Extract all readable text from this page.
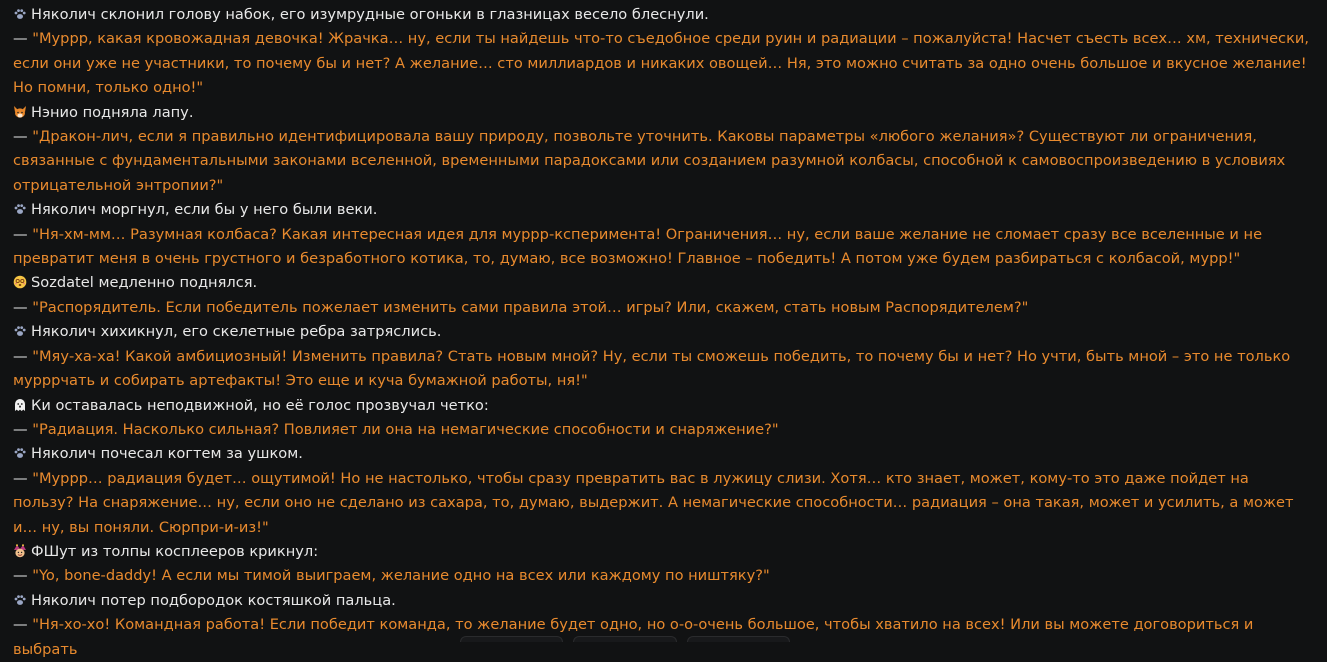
Няколич склонил голову набок, его изумрудные огоньки в глазницах весело блеснули.

— "Муррр, какая кровожадная девочка! Жрачка… ну, если ты найдешь что-то съедобное среди руин и радиации – пожалуйста! Насчет съесть всех… хм, технически, если они уже не участники, то почему бы и нет? А желание… сто миллиардов и никаких овощей… Ня, это можно считать за одно очень большое и вкусное желание! Но помни, только одно!"

Нэнио подняла лапу.

— "Дракон-лич, если я правильно идентифицировала вашу природу, позвольте уточнить. Каковы параметры «любого желания»? Существуют ли ограничения, связанные с фундаментальными законами вселенной, временными парадоксами или созданием разумной колбасы, способной к самовоспроизведению в условиях отрицательной энтропии?"

Няколич моргнул, если бы у него были веки.

— "Ня-хм-мм… Разумная колбаса? Какая интересная идея для муррр-ксперимента! Ограничения… ну, если ваше желание не сломает сразу все вселенные и не превратит меня в очень грустного и безработного котика, то, думаю, все возможно! Главное – победить! А потом уже будем разбираться с колбасой, мурр!"

Sozdatel медленно поднялся.

— "Распорядитель. Если победитель пожелает изменить сами правила этой… игры? Или, скажем, стать новым Распорядителем?"

Няколич хихикнул, его скелетные ребра затряслись.

— "Мяу-ха-ха! Какой амбициозный! Изменить правила? Стать новым мной? Ну, если ты сможешь победить, то почему бы и нет? Но учти, быть мной – это не только мурррчать и собирать артефакты! Это еще и куча бумажной работы, ня!"

Ки оставалась неподвижной, но её голос прозвучал четко:

— "Радиация. Насколько сильная? Повлияет ли она на немагические способности и снаряжение?"

Няколич почесал когтем за ушком.

— "Муррр… радиация будет… ощутимой! Но не настолько, чтобы сразу превратить вас в лужицу слизи. Хотя… кто знает, может, кому-то это даже пойдет на пользу? На снаряжение… ну, если оно не сделано из сахара, то, думаю, выдержит. А немагические способности… радиация – она такая, может и усилить, а может и… ну, вы поняли. Сюрпри-и-из!"

ФШут из толпы косплееров крикнул:

— "Yo, bone-daddy! А если мы тимой выиграем, желание одно на всех или каждому по ништяку?"

Няколич потер подбородок костяшкой пальца.

— "Ня-хо-хо! Командная работа! Если победит команда, то желание будет одно, но о-о-очень большое, чтобы хватило на всех! Или вы можете договориться и выбрать
